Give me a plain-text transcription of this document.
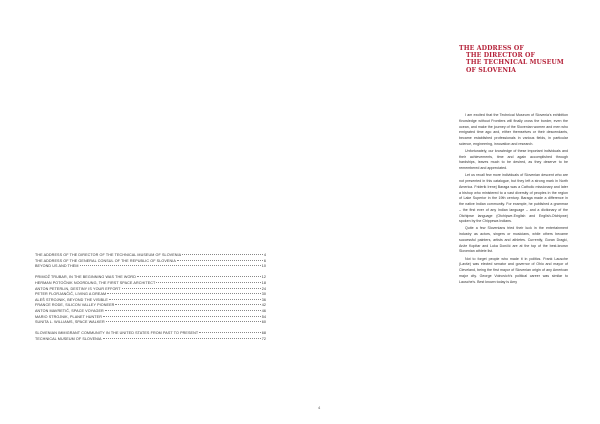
THE ADDRESS OF THE DIRECTOR OF THE TECHNICAL MUSEUM OF SLOVENIA	4
THE ADDRESS OF THE GENERAL CONSUL OF THE REPUBLIC OF SLOVENIA	6
BEYOND US AND THEM	10
PRIMOŽ TRUBAR, IN THE BEGINNING WAS THE WORD	12
HERMAN POTOČNIK NOORDUNG, THE FIRST SPACE ARCHITECT	18
ANTON PETERLIN, DESTINY IS YOUR EFFORT	24
PETER FLORJANČIČ, LIVING A DREAM	30
ALEŠ STROJNIK, BEYOND THE VISIBLE	36
FRANCE RODE, SILICON VALLEY PIONEER	42
ANTON MAVRETIČ, SPACE VOYAGER	46
MARIO STROJNIK, PLANET HUNTER	54
SUNITA L. WILLIAMS, SPACE WALKER	60
SLOVENIAN IMMIGRANT COMMUNITY IN THE UNITED STATES FROM PAST TO PRESENT	68
TECHNICAL MUSEUM OF SLOVENIA	72
THE ADDRESS OF
THE DIRECTOR OF
THE TECHNICAL MUSEUM
OF SLOVENIA

I am excited that the Technical Museum of Slovenia's exhibition Knowledge without Frontiers will finally cross the border, even the ocean, and make the journey of the Slovenian women and men who emigrated time ago and, either themselves or their descendants, became established professionals in various fields, in particular science, engineering, innovation and research.

Unfortunately, our knowledge of these important individuals and their achievements, time and again accomplished through hardships, leaves much to be desired, as they deserve to be remembered and appreciated.

Let us recall few more individuals of Slovenian descent who are not presented in this catalogue, but they left a strong mark in North America. Friderik Irenej Baraga was a Catholic missionary and later a bishop who ministered to a vast diversity of peoples in the region of Lake Superior in the 19th century. Baraga made a difference in the native Indian community. For example, he published a grammar – the first ever of any Indian language – and a dictionary of the Otchipwe language (Otchipwe-English and English-Otchipwe) spoken by the Chippewa Indians.

Quite a few Slovenians tried their luck in the entertainment industry as actors, singers or musicians, while others became successful painters, artists and athletes. Currently, Goran Dragić, Anže Kopitar and Luka Dončić are at the top of the best-known Slovenian athlete list.

Not to forget people who made it in politics. Frank Lausche (Lavše) was elected senator and governor of Ohio and mayor of Cleveland, being the first mayor of Slovenian origin of any American major city. George Voinovich's political career was similar to Lausche's. Best known today is Amy

4
